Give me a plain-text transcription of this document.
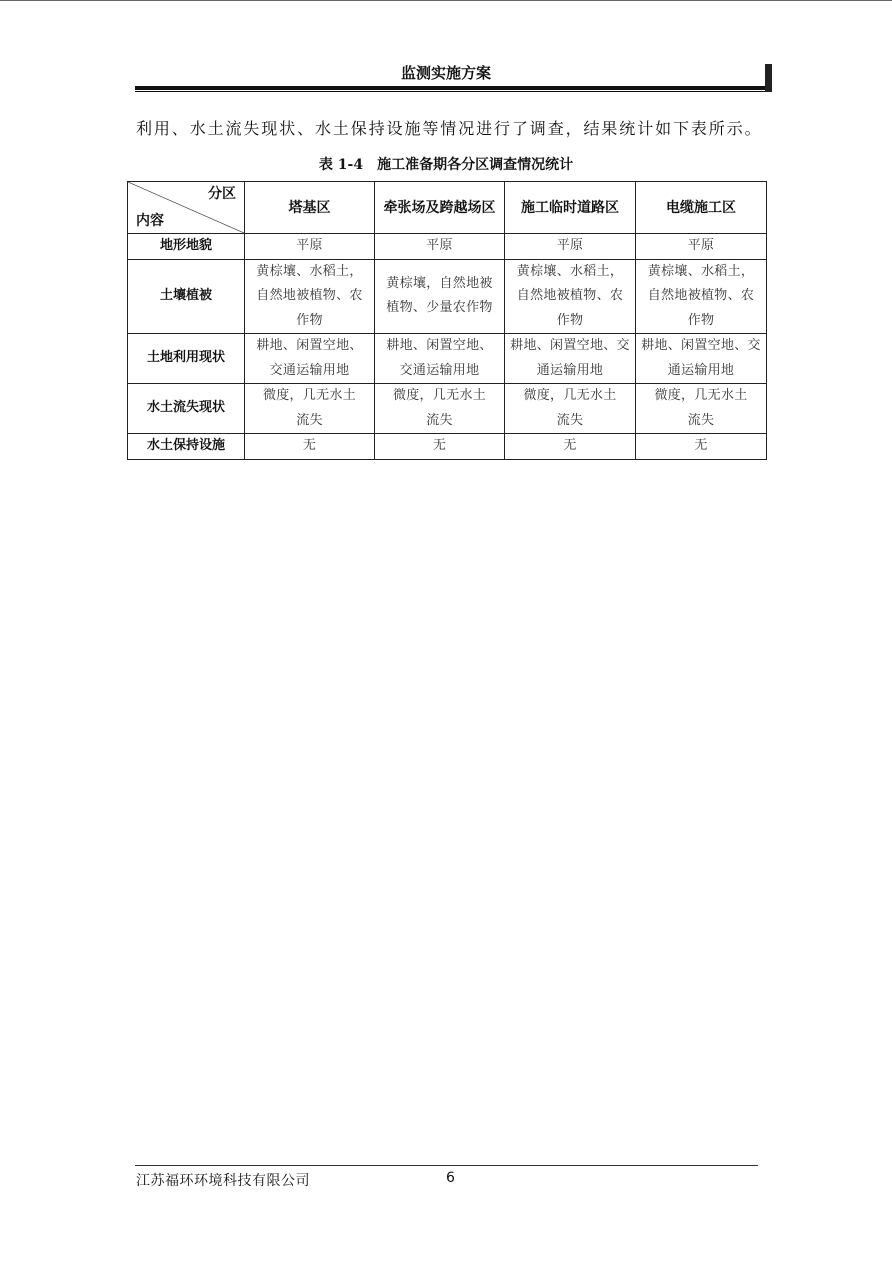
监测实施方案

利用、水土流失现状、水土保持设施等情况进行了调查，结果统计如下表所示。

表 1-4　施工准备期各分区调查情况统计
分区
内容	塔基区	牵张场及跨越场区	施工临时道路区	电缆施工区
地形地貌	平原	平原	平原	平原
土壤植被	黄棕壤、水稻土，自然地被植物、农作物	黄棕壤，自然地被植物、少量农作物	黄棕壤、水稻土，自然地被植物、农作物	黄棕壤、水稻土，自然地被植物、农作物
土地利用现状	耕地、闲置空地、交通运输用地	耕地、闲置空地、交通运输用地	耕地、闲置空地、交通运输用地	耕地、闲置空地、交通运输用地
水土流失现状	微度，几无水土流失	微度，几无水土流失	微度，几无水土流失	微度，几无水土流失
水土保持设施	无	无	无	无
江苏福环环境科技有限公司	6
